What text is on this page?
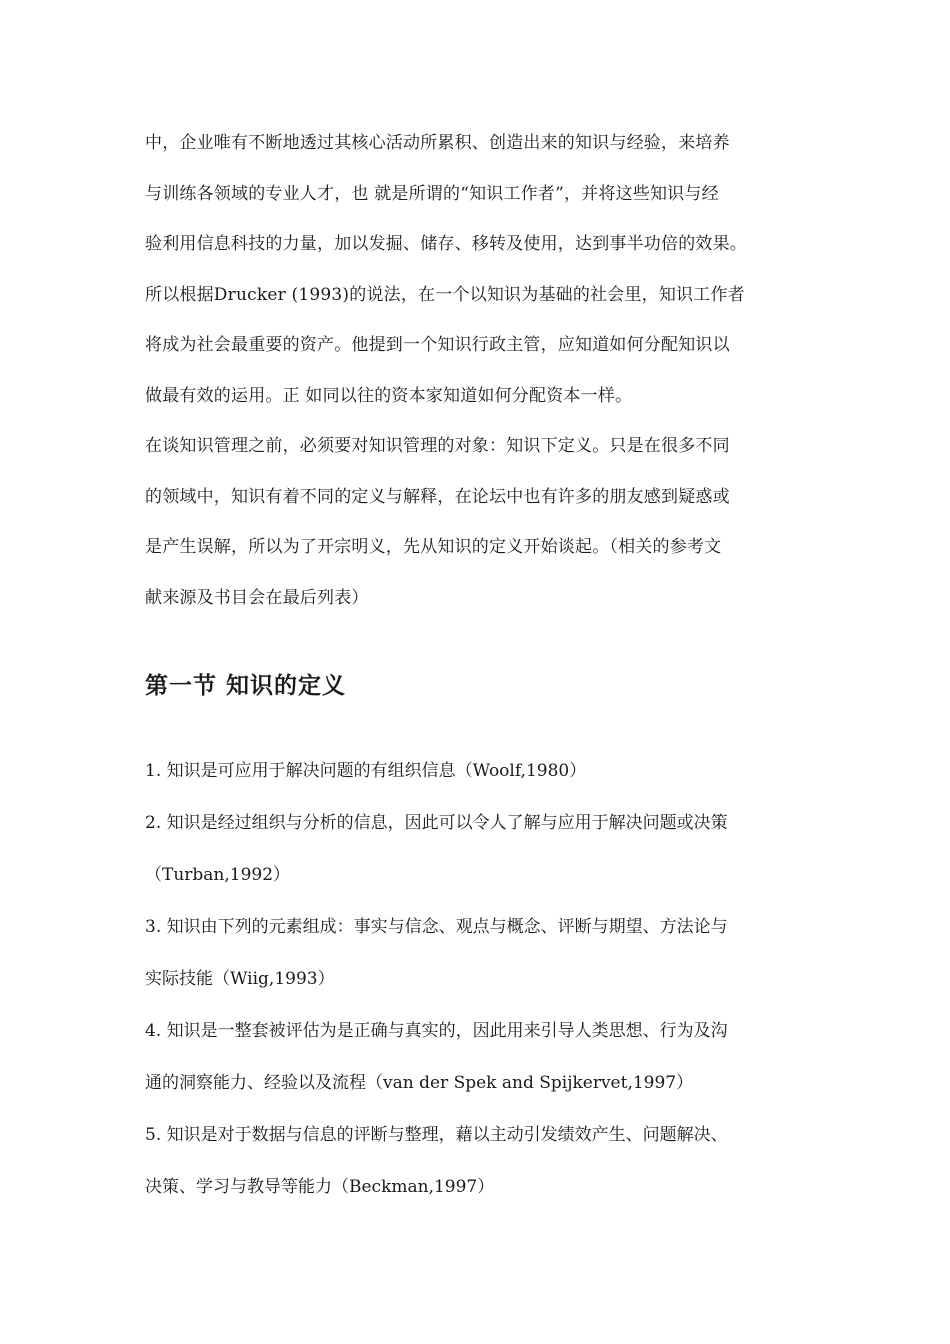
中，企业唯有不断地透过其核心活动所累积、创造出来的知识与经验，来培养
与训练各领域的专业人才，也 就是所谓的“知识工作者”，并将这些知识与经
验利用信息科技的力量，加以发掘、储存、移转及使用，达到事半功倍的效果。
所以根据Drucker (1993)的说法，在一个以知识为基础的社会里，知识工作者
将成为社会最重要的资产。他提到一个知识行政主管，应知道如何分配知识以
做最有效的运用。正 如同以往的资本家知道如何分配资本一样。

在谈知识管理之前，必须要对知识管理的对象：知识下定义。只是在很多不同
的领域中，知识有着不同的定义与解释，在论坛中也有许多的朋友感到疑惑或
是产生误解，所以为了开宗明义，先从知识的定义开始谈起。（相关的参考文
献来源及书目会在最后列表）

第一节 知识的定义
1. 知识是可应用于解决问题的有组织信息（Woolf,1980）
2. 知识是经过组织与分析的信息，因此可以令人了解与应用于解决问题或决策
（Turban,1992）
3. 知识由下列的元素组成：事实与信念、观点与概念、评断与期望、方法论与
实际技能（Wiig,1993）
4. 知识是一整套被评估为是正确与真实的，因此用来引导人类思想、行为及沟
通的洞察能力、经验以及流程（van der Spek and Spijkervet,1997）
5. 知识是对于数据与信息的评断与整理，藉以主动引发绩效产生、问题解决、
决策、学习与教导等能力（Beckman,1997）
